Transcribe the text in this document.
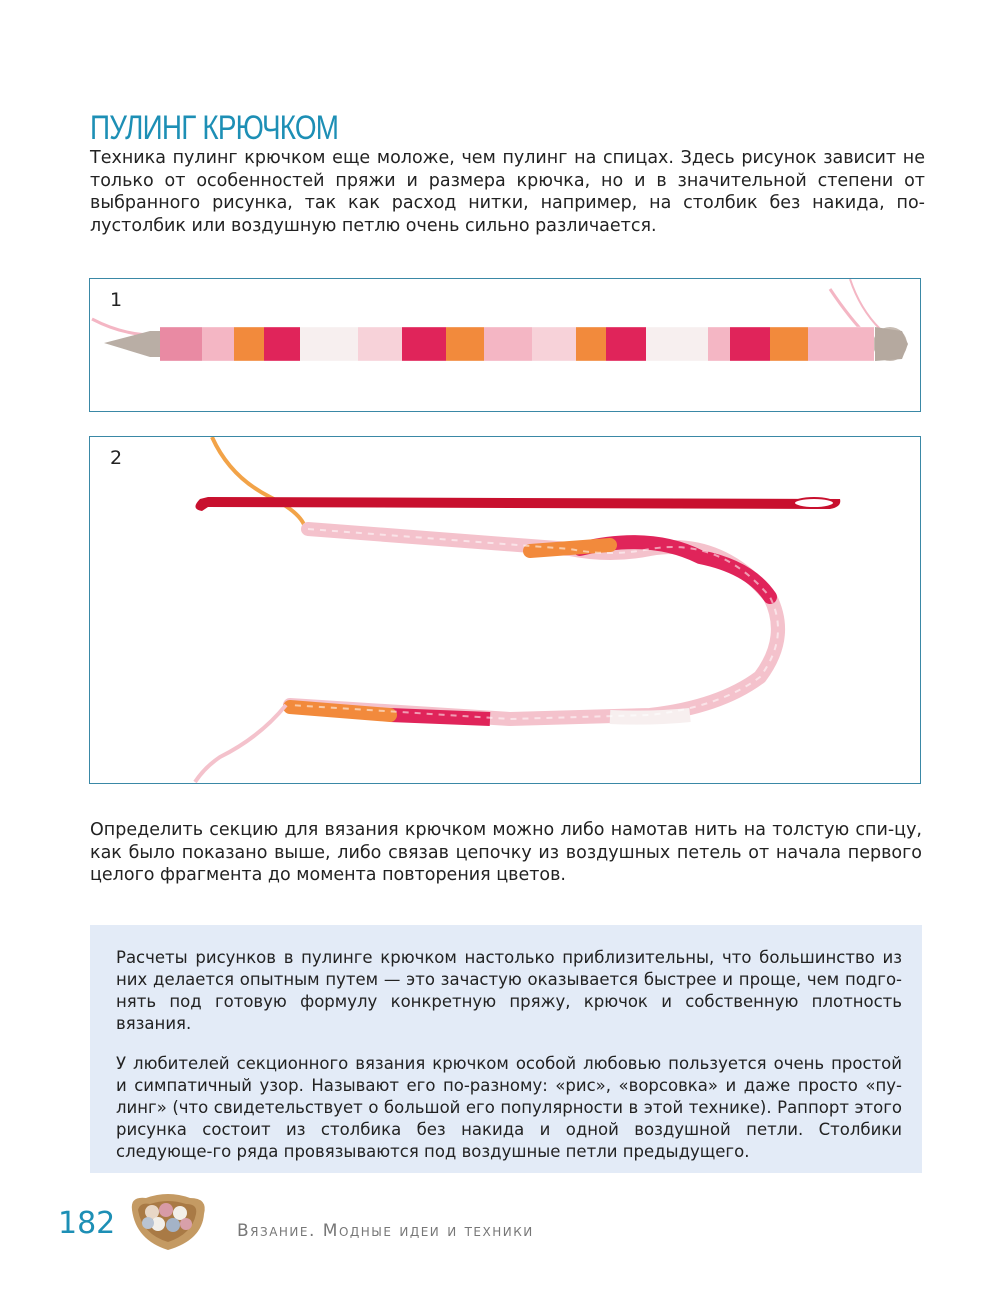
ПУЛИНГ КРЮЧКОМ
Техника пулинг крючком еще моложе, чем пулинг на спицах. Здесь рисунок зависит не только от особенностей пряжи и размера крючка, но и в значительной степени от выбранного рисунка, так как расход нитки, например, на столбик без накида, по-лустолбик или воздушную петлю очень сильно различается.
1
2
Определить секцию для вязания крючком можно либо намотав нить на толстую спи-цу, как было показано выше, либо связав цепочку из воздушных петель от начала первого целого фрагмента до момента повторения цветов.

Расчеты рисунков в пулинге крючком настолько приблизительны, что большинство из них делается опытным путем — это зачастую оказывается быстрее и проще, чем подго-нять под готовую формулу конкретную пряжу, крючок и собственную плотность вязания.

У любителей секционного вязания крючком особой любовью пользуется очень простой и симпатичный узор. Называют его по-разному: «рис», «ворсовка» и даже просто «пу-линг» (что свидетельствует о большой его популярности в этой технике). Раппорт этого рисунка состоит из столбика без накида и одной воздушной петли. Столбики следующе-го ряда провязываются под воздушные петли предыдущего.

182	Вязание. Модные идеи и техники
